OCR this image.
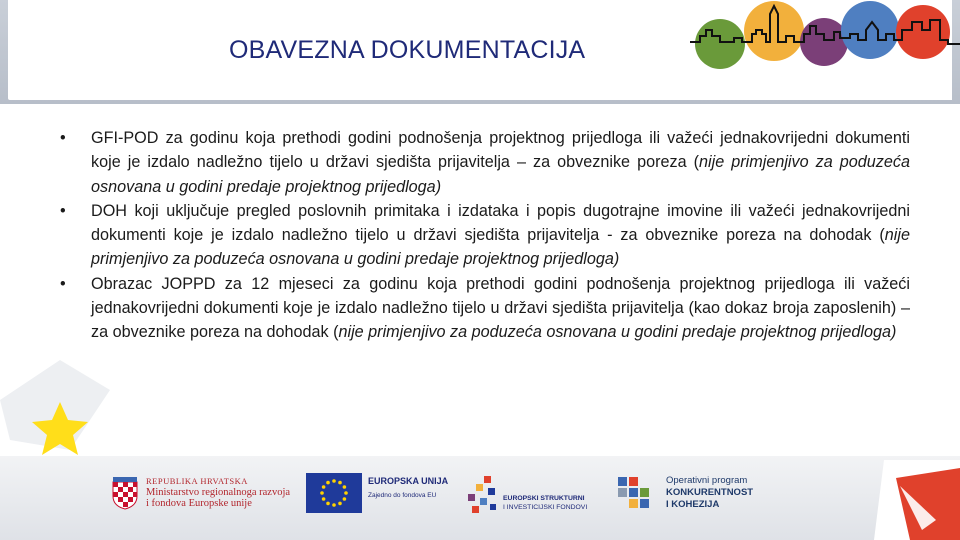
OBAVEZNA DOKUMENTACIJA
• GFI-POD za godinu koja prethodi godini podnošenja projektnog prijedloga ili važeći jednakovrijedni dokumenti koje je izdalo nadležno tijelo u državi sjedišta prijavitelja – za obveznike poreza (nije primjenjivo za poduzeća osnovana u godini predaje projektnog prijedloga)
• DOH koji uključuje pregled poslovnih primitaka i izdataka i popis dugotrajne imovine ili važeći jednakovrijedni dokumenti koje je izdalo nadležno tijelo u državi sjedišta prijavitelja - za obveznike poreza na dohodak (nije primjenjivo za poduzeća osnovana u godini predaje projektnog prijedloga)
• Obrazac JOPPD za 12 mjeseci za godinu koja prethodi godini podnošenja projektnog prijedloga ili važeći jednakovrijedni dokumenti koje je izdalo nadležno tijelo u državi sjedišta prijavitelja (kao dokaz broja zaposlenih) – za obveznike poreza na dohodak (nije primjenjivo za poduzeća osnovana u godini predaje projektnog prijedloga)
REPUBLIKA HRVATSKA
Ministarstvo regionalnoga razvoja
i fondova Europske unije
EUROPSKA UNIJA
Zajedno do fondova EU	EUROPSKI STRUKTURNI
I INVESTICIJSKI FONDOVI
Operativni program
KONKURENTNOST
I KOHEZIJA
